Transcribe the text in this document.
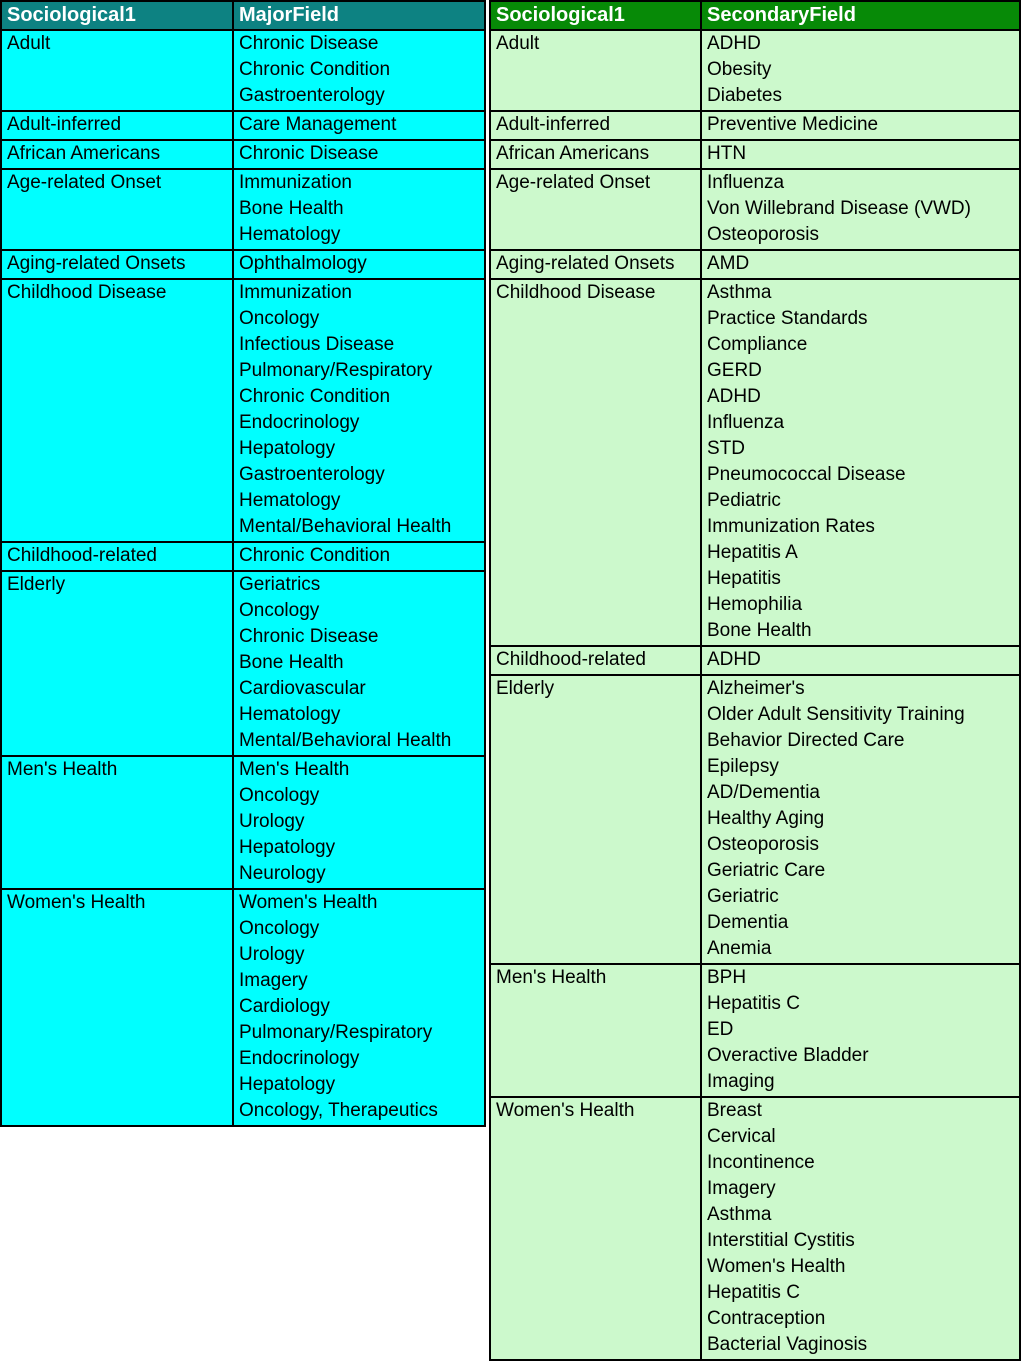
Sociological1	MajorField
Adult	Chronic Disease
Chronic Condition
Gastroenterology

Adult-inferred	Care Management

African Americans	Chronic Disease

Age-related Onset	Immunization
Bone Health
Hematology

Aging-related Onsets	Ophthalmology

Childhood Disease	Immunization
Oncology
Infectious Disease
Pulmonary/Respiratory
Chronic Condition
Endocrinology
Hepatology
Gastroenterology
Hematology
Mental/Behavioral Health

Childhood-related	Chronic Condition

Elderly	Geriatrics
Oncology
Chronic Disease
Bone Health
Cardiovascular
Hematology
Mental/Behavioral Health

Men's Health	Men's Health
Oncology
Urology
Hepatology
Neurology

Women's Health	Women's Health
Oncology
Urology
Imagery
Cardiology
Pulmonary/Respiratory
Endocrinology
Hepatology
Oncology, Therapeutics
Sociological1	SecondaryField
Adult	ADHD
Obesity
Diabetes

Adult-inferred	Preventive Medicine

African Americans	HTN

Age-related Onset	Influenza
Von Willebrand Disease (VWD)
Osteoporosis

Aging-related Onsets	AMD

Childhood Disease	Asthma
Practice Standards
Compliance
GERD
ADHD
Influenza
STD
Pneumococcal Disease
Pediatric
Immunization Rates
Hepatitis A
Hepatitis
Hemophilia
Bone Health

Childhood-related	ADHD

Elderly	Alzheimer's
Older Adult Sensitivity Training
Behavior Directed Care
Epilepsy
AD/Dementia
Healthy Aging
Osteoporosis
Geriatric Care
Geriatric
Dementia
Anemia

Men's Health	BPH
Hepatitis C
ED
Overactive Bladder
Imaging

Women's Health	Breast
Cervical
Incontinence
Imagery
Asthma
Interstitial Cystitis
Women's Health
Hepatitis C
Contraception
Bacterial Vaginosis
